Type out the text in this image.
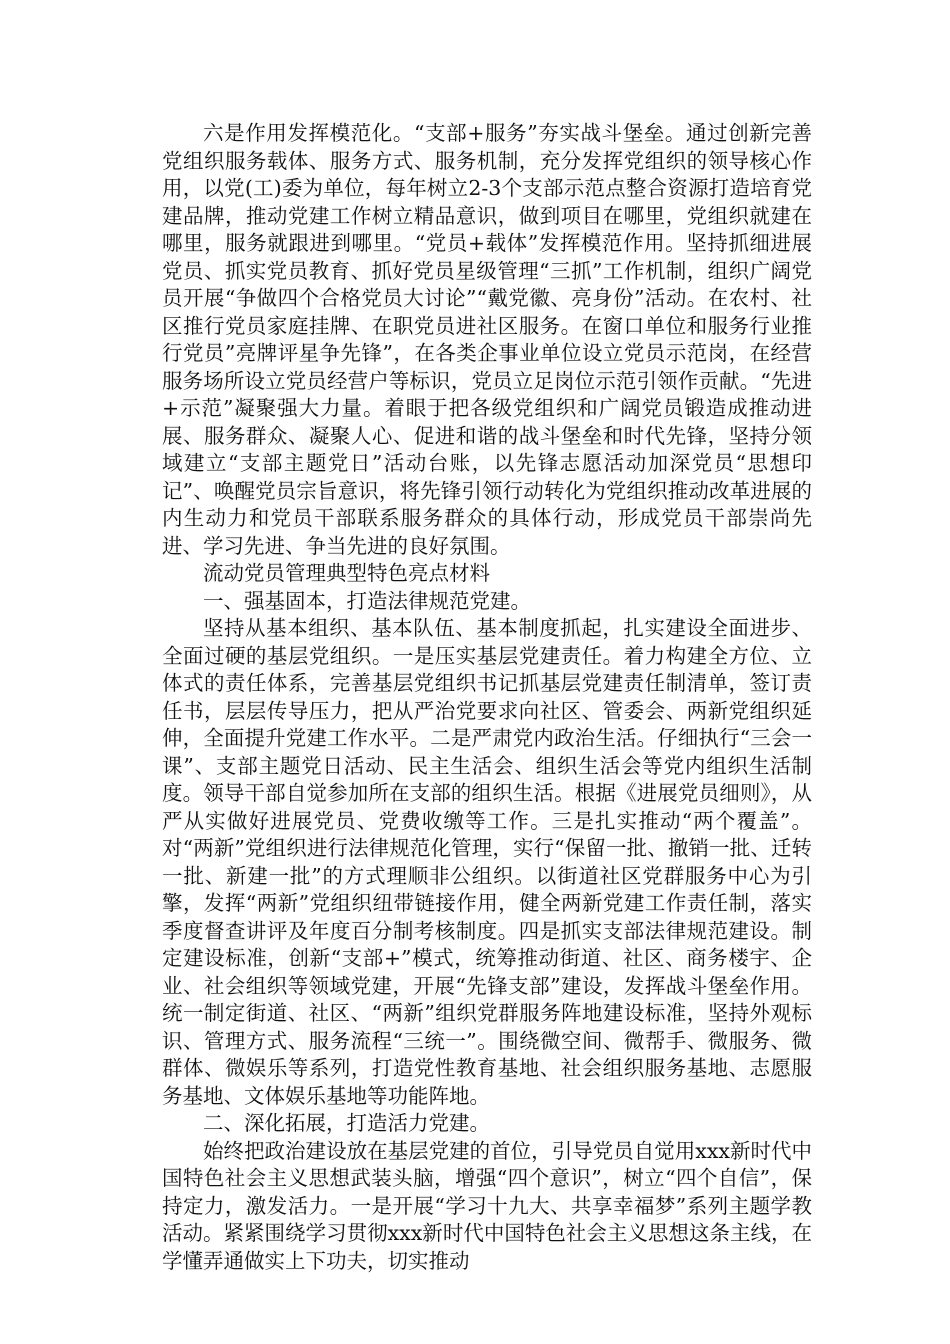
六是作用发挥模范化。“支部+服务”夯实战斗堡垒。通过创新完善党组织服务载体、服务方式、服务机制，充分发挥党组织的领导核心作用，以党(工)委为单位，每年树立2-3个支部示范点整合资源打造培育党建品牌，推动党建工作树立精品意识，做到项目在哪里，党组织就建在哪里，服务就跟进到哪里。“党员+载体”发挥模范作用。坚持抓细进展党员、抓实党员教育、抓好党员星级管理“三抓”工作机制，组织广阔党员开展“争做四个合格党员大讨论”“戴党徽、亮身份”活动。在农村、社区推行党员家庭挂牌、在职党员进社区服务。在窗口单位和服务行业推行党员”亮牌评星争先锋”，在各类企事业单位设立党员示范岗，在经营服务场所设立党员经营户等标识，党员立足岗位示范引领作贡献。“先进+示范”凝聚强大力量。着眼于把各级党组织和广阔党员锻造成推动进展、服务群众、凝聚人心、促进和谐的战斗堡垒和时代先锋，坚持分领域建立“支部主题党日”活动台账，以先锋志愿活动加深党员“思想印记”、唤醒党员宗旨意识，将先锋引领行动转化为党组织推动改革进展的内生动力和党员干部联系服务群众的具体行动，形成党员干部崇尚先进、学习先进、争当先进的良好氛围。

流动党员管理典型特色亮点材料

一、强基固本，打造法律规范党建。

坚持从基本组织、基本队伍、基本制度抓起，扎实建设全面进步、全面过硬的基层党组织。一是压实基层党建责任。着力构建全方位、立体式的责任体系，完善基层党组织书记抓基层党建责任制清单，签订责任书，层层传导压力，把从严治党要求向社区、管委会、两新党组织延伸，全面提升党建工作水平。二是严肃党内政治生活。仔细执行“三会一课”、支部主题党日活动、民主生活会、组织生活会等党内组织生活制度。领导干部自觉参加所在支部的组织生活。根据《进展党员细则》，从严从实做好进展党员、党费收缴等工作。三是扎实推动“两个覆盖”。对“两新”党组织进行法律规范化管理，实行“保留一批、撤销一批、迁转一批、新建一批”的方式理顺非公组织。以街道社区党群服务中心为引擎，发挥“两新”党组织纽带链接作用，健全两新党建工作责任制，落实季度督查讲评及年度百分制考核制度。四是抓实支部法律规范建设。制定建设标准，创新“支部+”模式，统筹推动街道、社区、商务楼宇、企业、社会组织等领域党建，开展“先锋支部”建设，发挥战斗堡垒作用。统一制定街道、社区、“两新”组织党群服务阵地建设标准，坚持外观标识、管理方式、服务流程“三统一”。围绕微空间、微帮手、微服务、微群体、微娱乐等系列，打造党性教育基地、社会组织服务基地、志愿服务基地、文体娱乐基地等功能阵地。

二、深化拓展，打造活力党建。

始终把政治建设放在基层党建的首位，引导党员自觉用xxx新时代中国特色社会主义思想武装头脑，增强“四个意识”，树立“四个自信”，保持定力，激发活力。一是开展“学习十九大、共享幸福梦”系列主题学教活动。紧紧围绕学习贯彻xxx新时代中国特色社会主义思想这条主线，在学懂弄通做实上下功夫，切实推动
